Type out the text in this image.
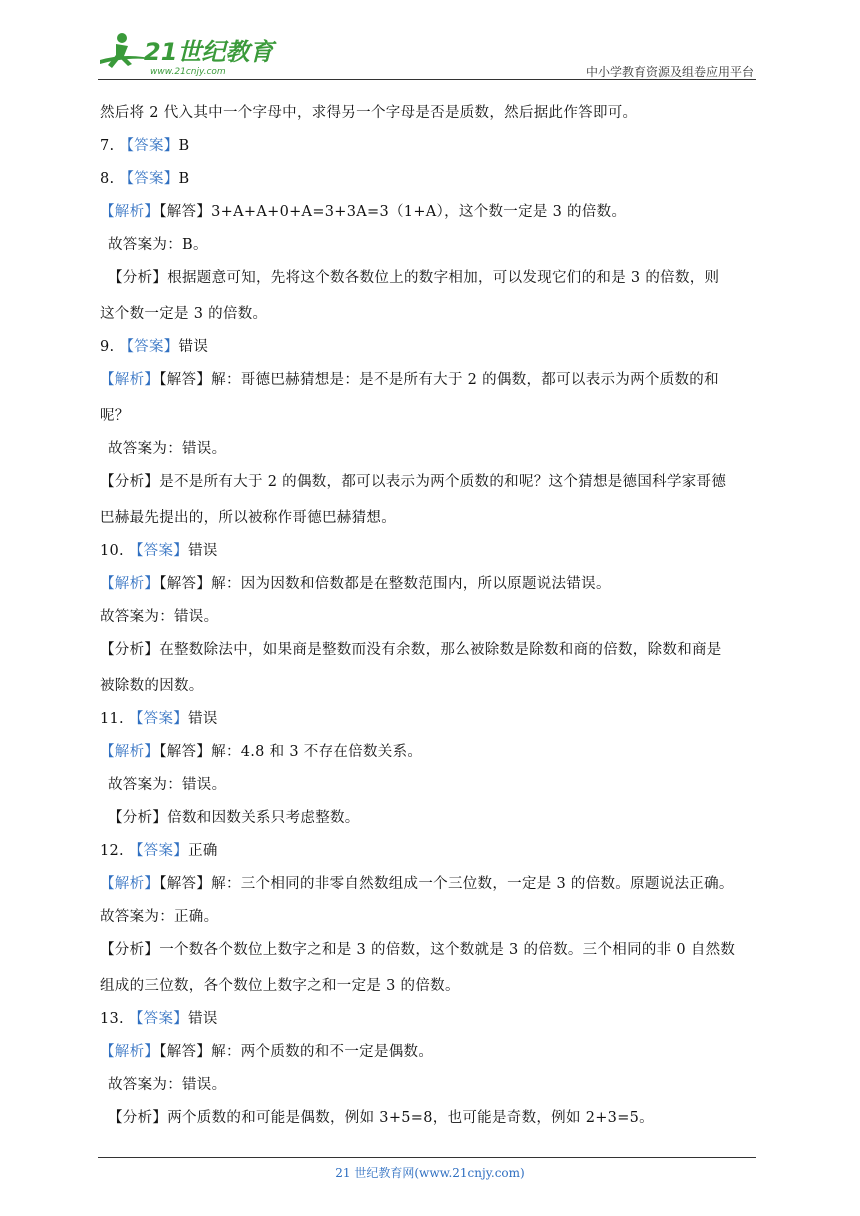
21世纪教育
www.21cnjy.com	中小学教育资源及组卷应用平台
然后将 2 代入其中一个字母中，求得另一个字母是否是质数，然后据此作答即可。
7. 【答案】B
8. 【答案】B
【解析】【解答】3+A+A+0+A=3+3A=3（1+A），这个数一定是 3 的倍数。
故答案为：B。
【分析】根据题意可知，先将这个数各数位上的数字相加，可以发现它们的和是 3 的倍数，则
这个数一定是 3 的倍数。
9. 【答案】错误
【解析】【解答】解：哥德巴赫猜想是：是不是所有大于 2 的偶数，都可以表示为两个质数的和
呢？
故答案为：错误。
【分析】是不是所有大于 2 的偶数，都可以表示为两个质数的和呢？这个猜想是德国科学家哥德
巴赫最先提出的，所以被称作哥德巴赫猜想。
10. 【答案】错误
【解析】【解答】解：因为因数和倍数都是在整数范围内，所以原题说法错误。
故答案为：错误。
【分析】在整数除法中，如果商是整数而没有余数，那么被除数是除数和商的倍数，除数和商是
被除数的因数。
11. 【答案】错误
【解析】【解答】解：4.8 和 3 不存在倍数关系。
故答案为：错误。
【分析】倍数和因数关系只考虑整数。
12. 【答案】正确
【解析】【解答】解：三个相同的非零自然数组成一个三位数，一定是 3 的倍数。原题说法正确。
故答案为：正确。
【分析】一个数各个数位上数字之和是 3 的倍数，这个数就是 3 的倍数。三个相同的非 0 自然数
组成的三位数，各个数位上数字之和一定是 3 的倍数。
13. 【答案】错误
【解析】【解答】解：两个质数的和不一定是偶数。
故答案为：错误。
【分析】两个质数的和可能是偶数，例如 3+5=8，也可能是奇数，例如 2+3=5。
21 世纪教育网(www.21cnjy.com)
